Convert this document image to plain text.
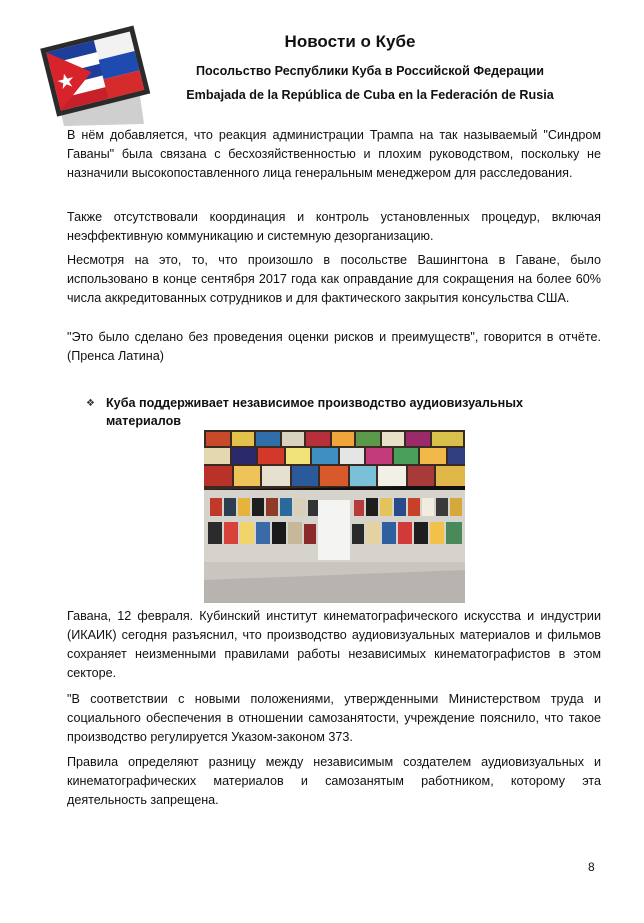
Новости о Кубе
Посольство Республики Куба в Российской Федерации
Embajada de la República de Cuba en la Federación de Rusia

В нём добавляется, что реакция администрации Трампа на так называемый "Синдром Гаваны" была связана с бесхозяйственностью и плохим руководством, поскольку не назначили высокопоставленного лица генеральным менеджером для расследования.

Также отсутствовали координация и контроль установленных процедур, включая неэффективную коммуникацию и системную дезорганизацию.

Несмотря на это, то, что произошло в посольстве Вашингтона в Гаване, было использовано в конце сентября 2017 года как оправдание для сокращения на более 60% числа аккредитованных сотрудников и для фактического закрытия консульства США.

"Это было сделано без проведения оценки рисков и преимуществ", говорится в отчёте. (Пренса Латина)

❖ Куба поддерживает независимое производство аудиовизуальных материалов

Гавана, 12 февраля. Кубинский институт кинематографического искусства и индустрии (ИКАИК) сегодня разъяснил, что производство аудиовизуальных материалов и фильмов сохраняет неизменными правилами работы независимых кинематографистов в этом секторе.

"В соответствии с новыми положениями, утвержденными Министерством труда и социального обеспечения в отношении самозанятости, учреждение пояснило, что такое производство регулируется Указом-законом 373.

Правила определяют разницу между независимым создателем аудиовизуальных и кинематографических материалов и самозанятым работником, которому эта деятельность запрещена.

8
